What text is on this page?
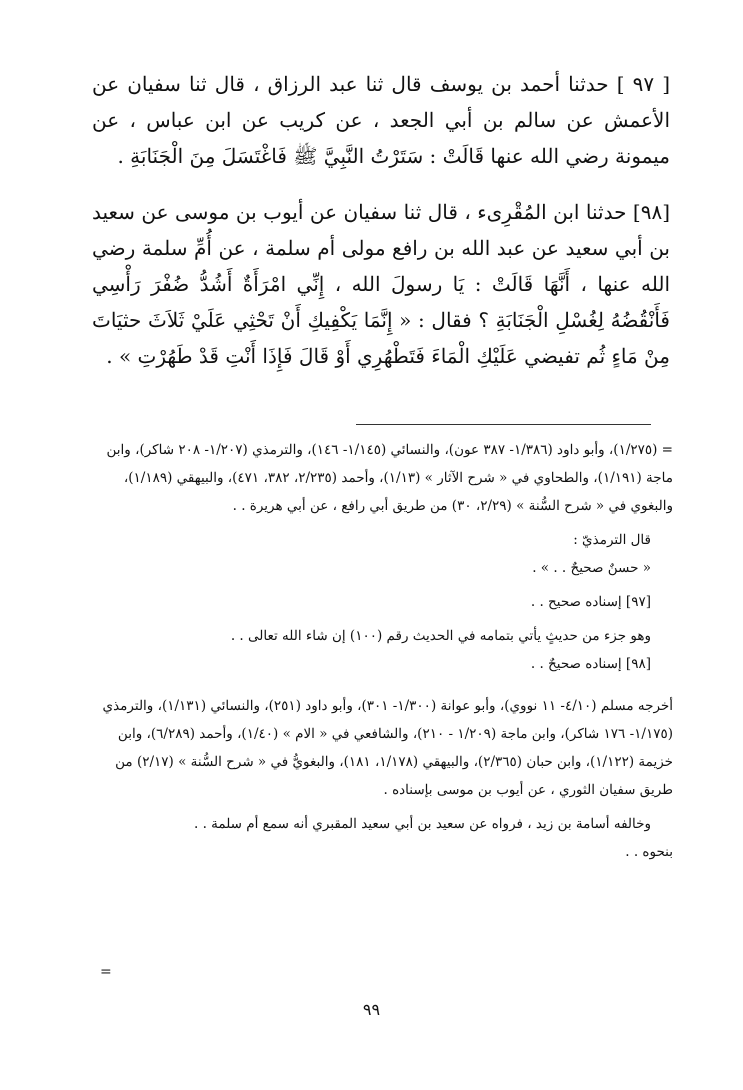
[ ٩٧ ] حدثنا أحمد بن يوسف قال ثنا عبد الرزاق ، قال ثنا سفيان عن الأعمش عن سالم بن أبي الجعد ، عن كريب عن ابن عباس ، عن ميمونة رضي الله عنها قَالَتْ : سَتَرْتُ النَّبِيَّ ﷺ فَاغْتَسَلَ مِنَ الْجَنَابَةِ .

[٩٨] حدثنا ابن المُقْرِىء ، قال ثنا سفيان عن أيوب بن موسى عن سعيد بن أبي سعيد عن عبد الله بن رافع مولى أم سلمة ، عن أُمِّ سلمة رضي الله عنها ، أَنَّهَا قَالَتْ : يَا رسولَ الله ، إِنِّي امْرَأَةٌ أَشُدُّ ضُفْرَ رَأْسِي فَأَنْقُضُهُ لِغُسْلِ الْجَنَابَةِ ؟ فقال : « إِنَّمَا يَكْفِيكِ أَنْ تَحْثِي عَلَيْ ثَلاَثَ حثيَاتَ مِنْ مَاءٍ ثُم تفيضي عَلَيْكِ الْمَاءَ فَتَطْهُرِي أَوْ قَالَ فَإِذَا أَنْتِ قَدْ طَهُرْتِ » .

= (١/٢٧٥)، وأبو داود (١/٣٨٦- ٣٨٧ عون)، والنسائي (١/١٤٥- ١٤٦)، والترمذي (١/٢٠٧- ٢٠٨ شاكر)، وابن ماجة (١/١٩١)، والطحاوي في « شرح الآثار » (١/١٣)، وأحمد (٢/٢٣٥، ٣٨٢، ٤٧١)، والبيهقي (١/١٨٩)، والبغوي في « شرح السُّنة » (٢/٢٩، ٣٠) من طريق أبي رافع ، عن أبي هريرة . .

قال الترمذيّ :

« حسنٌ صحيحٌ . . » .

[٩٧] إسناده صحيح . .

وهو جزء من حديثٍ يأتي بتمامه في الحديث رقم (١٠٠) إن شاء الله تعالى . .

[٩٨] إسناده صحيحٌ . .

أخرجه مسلم (٤/١٠- ١١ نووي)، وأبو عوانة (١/٣٠٠- ٣٠١)، وأبو داود (٢٥١)، والنسائي (١/١٣١)، والترمذي (١/١٧٥- ١٧٦ شاكر)، وابن ماجة (١/٢٠٩ - ٢١٠)، والشافعي في « الام » (١/٤٠)، وأحمد (٦/٢٨٩)، وابن خزيمة (١/١٢٢)، وابن حبان (٢/٣٦٥)، والبيهقي (١/١٧٨، ١٨١)، والبغويُّ في « شرح السُّنة » (٢/١٧) من طريق سفيان الثوري ، عن أيوب بن موسى بإسناده .

وخالفه أسامة بن زيد ، فرواه عن سعيد بن أبي سعيد المقبري أنه سمع أم سلمة . .

بنحوه . .

=
٩٩
